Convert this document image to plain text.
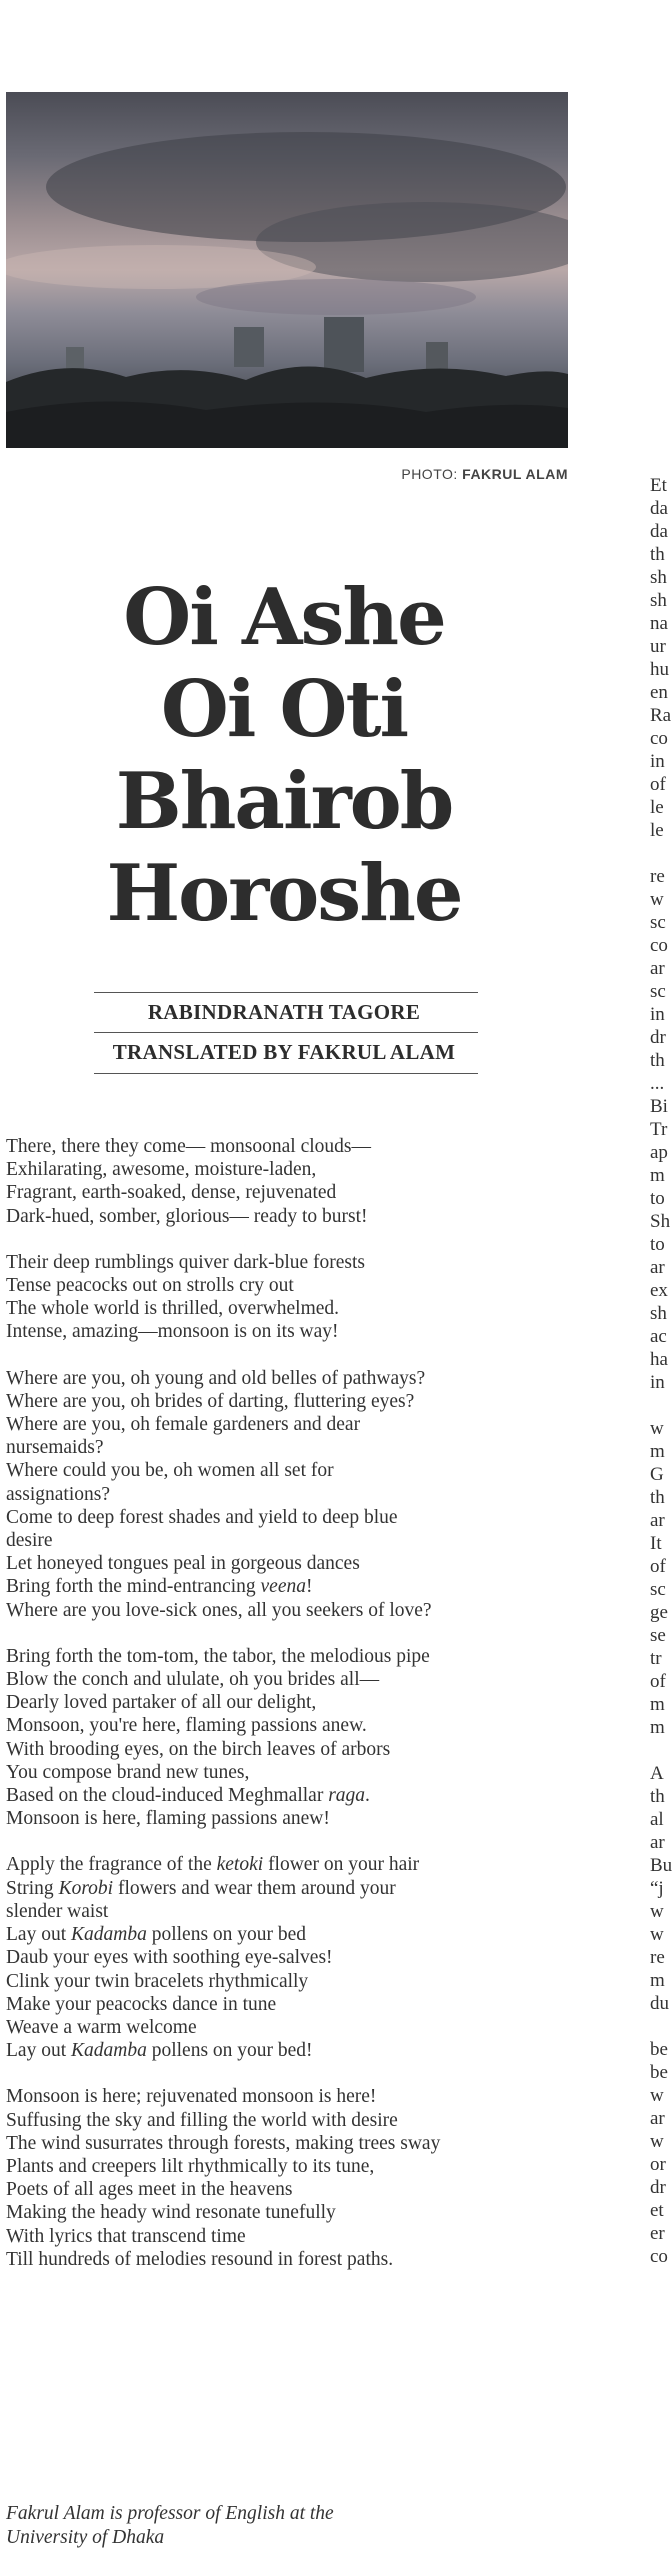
PHOTO: FAKRUL ALAM
Oi Ashe
Oi Oti
Bhairob
Horoshe
RABINDRANATH TAGORE
TRANSLATED BY FAKRUL ALAM
There, there they come— monsoonal clouds—
Exhilarating, awesome, moisture-laden,
Fragrant, earth-soaked, dense, rejuvenated
Dark-hued, somber, glorious— ready to burst!
Their deep rumblings quiver dark-blue forests
Tense peacocks out on strolls cry out
The whole world is thrilled, overwhelmed.
Intense, amazing—monsoon is on its way!
Where are you, oh young and old belles of pathways?
Where are you, oh brides of darting, fluttering eyes?
Where are you, oh female gardeners and dear
nursemaids?
Where could you be, oh women all set for
assignations?
Come to deep forest shades and yield to deep blue
desire
Let honeyed tongues peal in gorgeous dances
Bring forth the mind-entrancing veena!
Where are you love-sick ones, all you seekers of love?
Bring forth the tom-tom, the tabor, the melodious pipe
Blow the conch and ululate, oh you brides all—
Dearly loved partaker of all our delight,
Monsoon, you're here, flaming passions anew.
With brooding eyes, on the birch leaves of arbors
You compose brand new tunes,
Based on the cloud-induced Meghmallar raga.
Monsoon is here, flaming passions anew!
Apply the fragrance of the ketoki flower on your hair
String Korobi flowers and wear them around your
slender waist
Lay out Kadamba pollens on your bed
Daub your eyes with soothing eye-salves!
Clink your twin bracelets rhythmically
Make your peacocks dance in tune
Weave a warm welcome
Lay out Kadamba pollens on your bed!
Monsoon is here; rejuvenated monsoon is here!
Suffusing the sky and filling the world with desire
The wind susurrates through forests, making trees sway
Plants and creepers lilt rhythmically to its tune,
Poets of all ages meet in the heavens
Making the heady wind resonate tunefully
With lyrics that transcend time
Till hundreds of melodies resound in forest paths.
Fakrul Alam is professor of English at the
University of Dhaka
Et
da
da
th
sh
sh
na
ur
hu
en
Ra
co
in
of
le
le

re
w
sc
co
ar
sc
in
dr
th
...
Bi
Tr
ap
m
to
Sh
to
ar
ex
sh
ac
ha
in

w
m
G
th
ar
It
of
sc
ge
se
tr
of
m
m

A
th
al
ar
Bu
“j
w
w
re
m
du

be
be
w
ar
w
or
dr
et
er
co
